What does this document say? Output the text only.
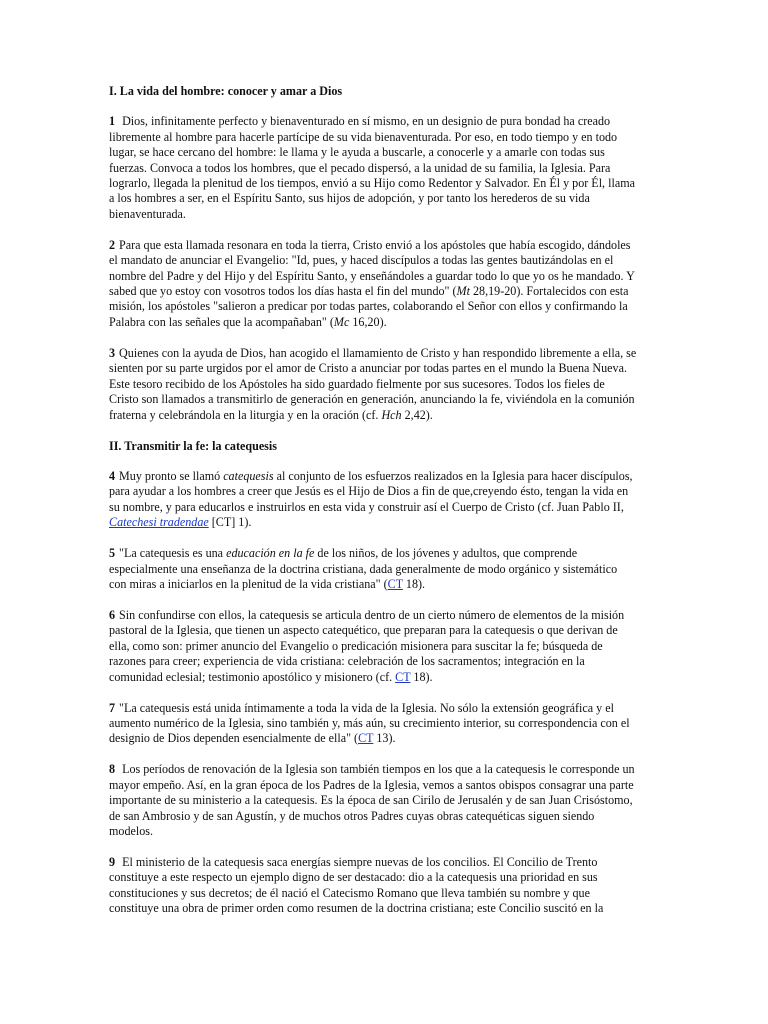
I. La vida del hombre: conocer y amar a Dios

1 Dios, infinitamente perfecto y bienaventurado en sí mismo, en un designio de pura bondad ha creado libremente al hombre para hacerle partícipe de su vida bienaventurada. Por eso, en todo tiempo y en todo lugar, se hace cercano del hombre: le llama y le ayuda a buscarle, a conocerle y a amarle con todas sus fuerzas. Convoca a todos los hombres, que el pecado dispersó, a la unidad de su familia, la Iglesia. Para lograrlo, llegada la plenitud de los tiempos, envió a su Hijo como Redentor y Salvador. En Él y por Él, llama a los hombres a ser, en el Espíritu Santo, sus hijos de adopción, y por tanto los herederos de su vida bienaventurada.

2 Para que esta llamada resonara en toda la tierra, Cristo envió a los apóstoles que había escogido, dándoles el mandato de anunciar el Evangelio: "Id, pues, y haced discípulos a todas las gentes bautizándolas en el nombre del Padre y del Hijo y del Espíritu Santo, y enseñándoles a guardar todo lo que yo os he mandado. Y sabed que yo estoy con vosotros todos los días hasta el fin del mundo" (Mt 28,19-20). Fortalecidos con esta misión, los apóstoles "salieron a predicar por todas partes, colaborando el Señor con ellos y confirmando la Palabra con las señales que la acompañaban" (Mc 16,20).

3 Quienes con la ayuda de Dios, han acogido el llamamiento de Cristo y han respondido libremente a ella, se sienten por su parte urgidos por el amor de Cristo a anunciar por todas partes en el mundo la Buena Nueva. Este tesoro recibido de los Apóstoles ha sido guardado fielmente por sus sucesores. Todos los fieles de Cristo son llamados a transmitirlo de generación en generación, anunciando la fe, viviéndola en la comunión fraterna y celebrándola en la liturgia y en la oración (cf. Hch 2,42).

II. Transmitir la fe: la catequesis

4 Muy pronto se llamó catequesis al conjunto de los esfuerzos realizados en la Iglesia para hacer discípulos, para ayudar a los hombres a creer que Jesús es el Hijo de Dios a fin de que,creyendo ésto, tengan la vida en su nombre, y para educarlos e instruirlos en esta vida y construir así el Cuerpo de Cristo (cf. Juan Pablo II, Catechesi tradendae [CT] 1).

5 "La catequesis es una educación en la fe de los niños, de los jóvenes y adultos, que comprende especialmente una enseñanza de la doctrina cristiana, dada generalmente de modo orgánico y sistemático con miras a iniciarlos en la plenitud de la vida cristiana" (CT 18).

6 Sin confundirse con ellos, la catequesis se articula dentro de un cierto número de elementos de la misión pastoral de la Iglesia, que tienen un aspecto catequético, que preparan para la catequesis o que derivan de ella, como son: primer anuncio del Evangelio o predicación misionera para suscitar la fe; búsqueda de razones para creer; experiencia de vida cristiana: celebración de los sacramentos; integración en la comunidad eclesial; testimonio apostólico y misionero (cf. CT 18).

7 "La catequesis está unida íntimamente a toda la vida de la Iglesia. No sólo la extensión geográfica y el aumento numérico de la Iglesia, sino también y, más aún, su crecimiento interior, su correspondencia con el designio de Dios dependen esencialmente de ella" (CT 13).

8 Los períodos de renovación de la Iglesia son también tiempos en los que a la catequesis le corresponde un mayor empeño. Así, en la gran época de los Padres de la Iglesia, vemos a santos obispos consagrar una parte importante de su ministerio a la catequesis. Es la época de san Cirilo de Jerusalén y de san Juan Crisóstomo, de san Ambrosio y de san Agustín, y de muchos otros Padres cuyas obras catequéticas siguen siendo modelos.

9 El ministerio de la catequesis saca energías siempre nuevas de los concilios. El Concilio de Trento constituye a este respecto un ejemplo digno de ser destacado: dio a la catequesis una prioridad en sus constituciones y sus decretos; de él nació el Catecismo Romano que lleva también su nombre y que constituye una obra de primer orden como resumen de la doctrina cristiana; este Concilio suscitó en la
